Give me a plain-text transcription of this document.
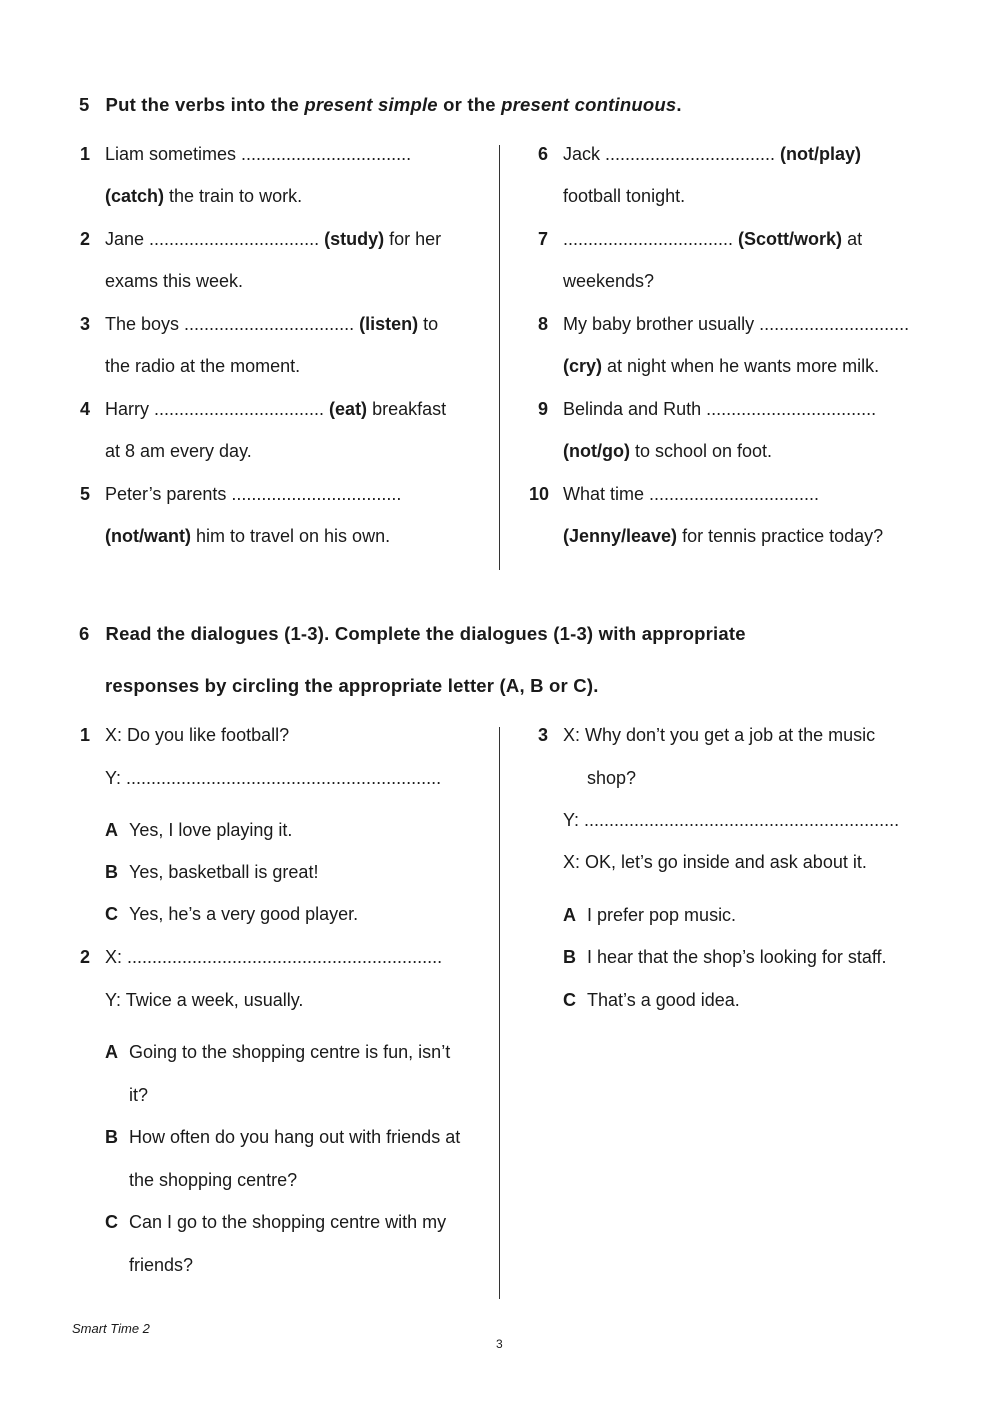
5 Put the verbs into the present simple or the present continuous.
1 Liam sometimes ..................................
(catch) the train to work.
2 Jane .................................. (study) for her
exams this week.
3 The boys .................................. (listen) to
the radio at the moment.
4 Harry .................................. (eat) breakfast
at 8 am every day.
5 Peter’s parents ..................................
(not/want) him to travel on his own.
6 Jack .................................. (not/play)
football tonight.
7 .................................. (Scott/work) at
weekends?
8 My baby brother usually ..............................
(cry) at night when he wants more milk.
9 Belinda and Ruth ..................................
(not/go) to school on foot.
10 What time ..................................
(Jenny/leave) for tennis practice today?
6 Read the dialogues (1-3). Complete the dialogues (1-3) with appropriate
responses by circling the appropriate letter (A, B or C).
1 X: Do you like football?
Y: ...............................................................
A Yes, I love playing it.
B Yes, basketball is great!
C Yes, he’s a very good player.
2 X: ...............................................................
Y: Twice a week, usually.
A Going to the shopping centre is fun, isn’t
it?
B How often do you hang out with friends at
the shopping centre?
C Can I go to the shopping centre with my
friends?
3 X: Why don’t you get a job at the music
shop?
Y: ...............................................................
X: OK, let’s go inside and ask about it.
A I prefer pop music.
B I hear that the shop’s looking for staff.
C That’s a good idea.
Smart Time 2
3
